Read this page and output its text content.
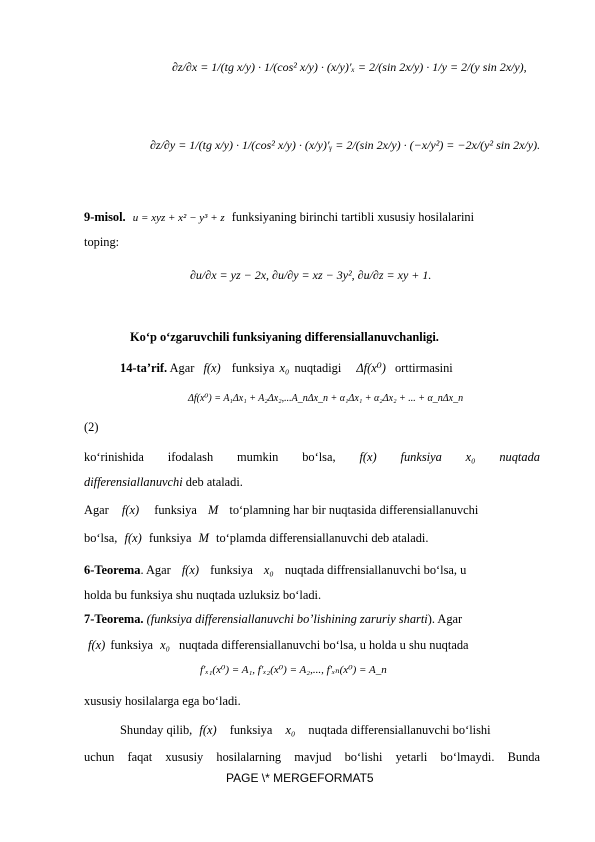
∂z/∂x = 1/(tg x/y) · 1/(cos² x/y) · (x/y)′ₓ = 2/(sin 2x/y) · 1/y = 2/(y sin 2x/y),
∂z/∂y = 1/(tg x/y) · 1/(cos² x/y) · (x/y)′ᵧ = 2/(sin 2x/y) · (−x/y²) = −2x/(y² sin 2x/y).
9-misol. u = xyz + x² − y³ + z funksiyaning birinchi tartibli xususiy hosilalarini
toping:
∂u/∂x = yz − 2x, ∂u/∂y = xz − 3y², ∂u/∂z = xy + 1.
Ko‘p o‘zgaruvchili funksiyaning differensiallanuvchanligi.
14-ta’rif. Agar f(x) funksiya x₀ nuqtadigi Δf(x⁰) orttirmasini
Δf(x⁰) = A₁Δx₁ + A₂Δx₂,...A_nΔx_n + α₁Δx₁ + α₂Δx₂ + ... + α_nΔx_n
(2)
ko‘rinishida ifodalash mumkin bo‘lsa, f(x) funksiya x₀ nuqtada
differensiallanuvchi deb ataladi.
Agar f(x) funksiya M to‘plamning har bir nuqtasida differensiallanuvchi
bo‘lsa, f(x) funksiya M to‘plamda differensiallanuvchi deb ataladi.
6-Teorema. Agar f(x) funksiya x₀ nuqtada diffrensiallanuvchi bo‘lsa, u
holda bu funksiya shu nuqtada uzluksiz bo‘ladi.
7-Teorema. (funksiya differensiallanuvchi bo’lishining zaruriy sharti). Agar
f(x) funksiya x₀ nuqtada differensiallanuvchi bo‘lsa, u holda u shu nuqtada
f′ₓ₁(x⁰) = A₁, f′ₓ₂(x⁰) = A₂,..., f′ₓₙ(x⁰) = A_n
xususiy hosilalarga ega bo‘ladi.
Shunday qilib, f(x) funksiya x₀ nuqtada differensiallanuvchi bo‘lishi
uchun faqat xususiy hosilalarning mavjud bo‘lishi yetarli bo‘lmaydi. Bunda
PAGE \* MERGEFORMAT5
